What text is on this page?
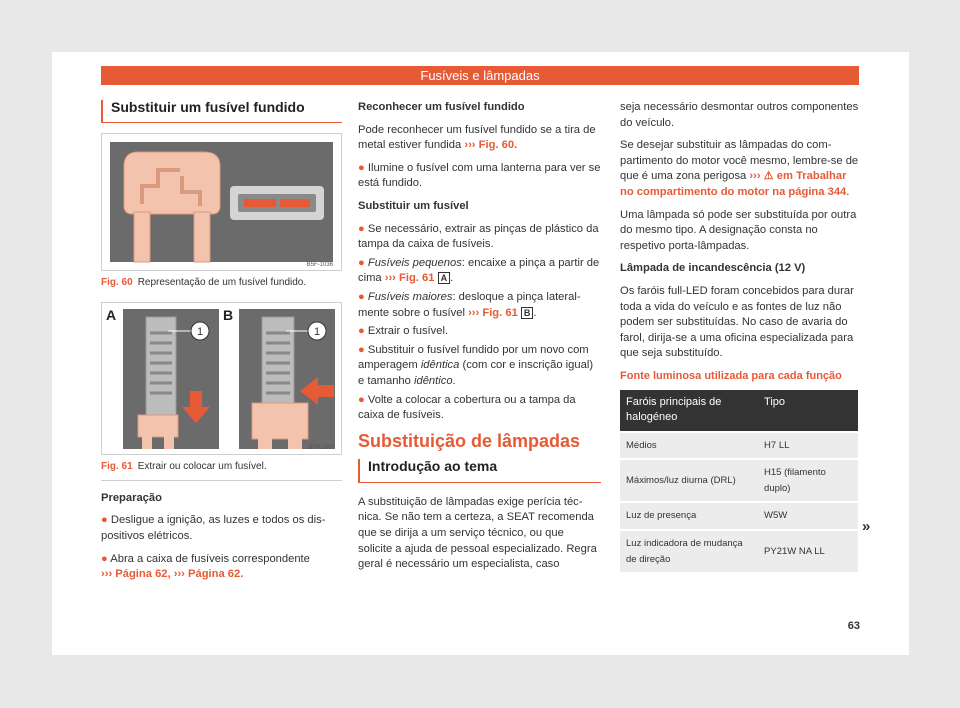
Fusíveis e lâmpadas
Substituir um fusível fundido
B5F-1036
Fig. 60 Representação de um fusível fundido.
A	B
1	1
B7V-1007
Fig. 61 Extrair ou colocar um fusível.

Preparação

● Desligue a ignição, as luzes e todos os dispositivos elétricos.

● Abra a caixa de fusíveis correspondente
››› Página 62, ››› Página 62.

Reconhecer um fusível fundido

Pode reconhecer um fusível fundido se a tira de metal estiver fundida ››› Fig. 60.

● Ilumine o fusível com uma lanterna para ver se está fundido.

Substituir um fusível

● Se necessário, extrair as pinças de plástico da tampa da caixa de fusíveis.

● Fusíveis pequenos: encaixe a pinça a partir de cima ››› Fig. 61 A .

● Fusíveis maiores: desloque a pinça lateralmente sobre o fusível ››› Fig. 61 B .

● Extrair o fusível.

● Substituir o fusível fundido por um novo com amperagem idêntica (com cor e inscrição igual) e tamanho idêntico.

● Volte a colocar a cobertura ou a tampa da caixa de fusíveis.

Substituição de lâmpadas
Introdução ao tema

A substituição de lâmpadas exige perícia técnica. Se não tem a certeza, a SEAT recomenda que se dirija a um serviço técnico, ou que solicite a ajuda de pessoal especializado. Regra geral é necessário um especialista, caso

seja necessário desmontar outros componentes do veículo.

Se desejar substituir as lâmpadas do compartimento do motor você mesmo, lembre-se de que é uma zona perigosa ››› ⚠ em Trabalhar no compartimento do motor na página 344.

Uma lâmpada só pode ser substituída por outra do mesmo tipo. A designação consta no respetivo porta-lâmpadas.

Lâmpada de incandescência (12 V)

Os faróis full-LED foram concebidos para durar toda a vida do veículo e as fontes de luz não podem ser substituídas. No caso de avaria do farol, dirija-se a uma oficina especializada para que seja substituído.

Fonte luminosa utilizada para cada função
Faróis principais de halogéneo	Tipo
Médios	H7 LL
Máximos/luz diurna (DRL)	H15 (filamento duplo)
Luz de presença	W5W
Luz indicadora de mudança de direção	PY21W NA LL
»
63
